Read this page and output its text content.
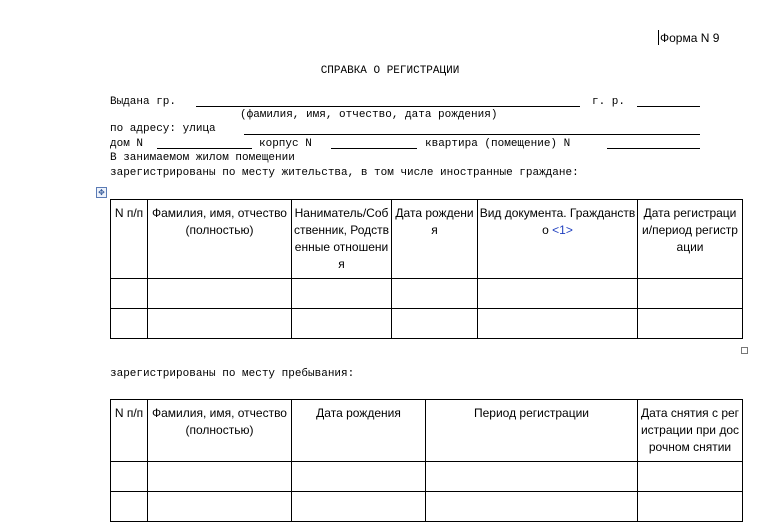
Форма N 9
СПРАВКА О РЕГИСТРАЦИИ
Выдана гр.	г. р.
(фамилия, имя, отчество, дата рождения)
по адресу: улица
дом N	корпус N	квартира (помещение) N
В занимаемом жилом помещении
зарегистрированы по месту жительства, в том числе иностранные граждане:
✥
N п/п	Фамилия, имя, отчество (полностью)	Наниматель/Собственник, Родственные отношения	Дата рождения	Вид документа. Гражданство <1>	Дата регистрации/период регистрации

зарегистрированы по месту пребывания:
N п/п	Фамилия, имя, отчество (полностью)	Дата рождения	Период регистрации	Дата снятия с регистрации при досрочном снятии
